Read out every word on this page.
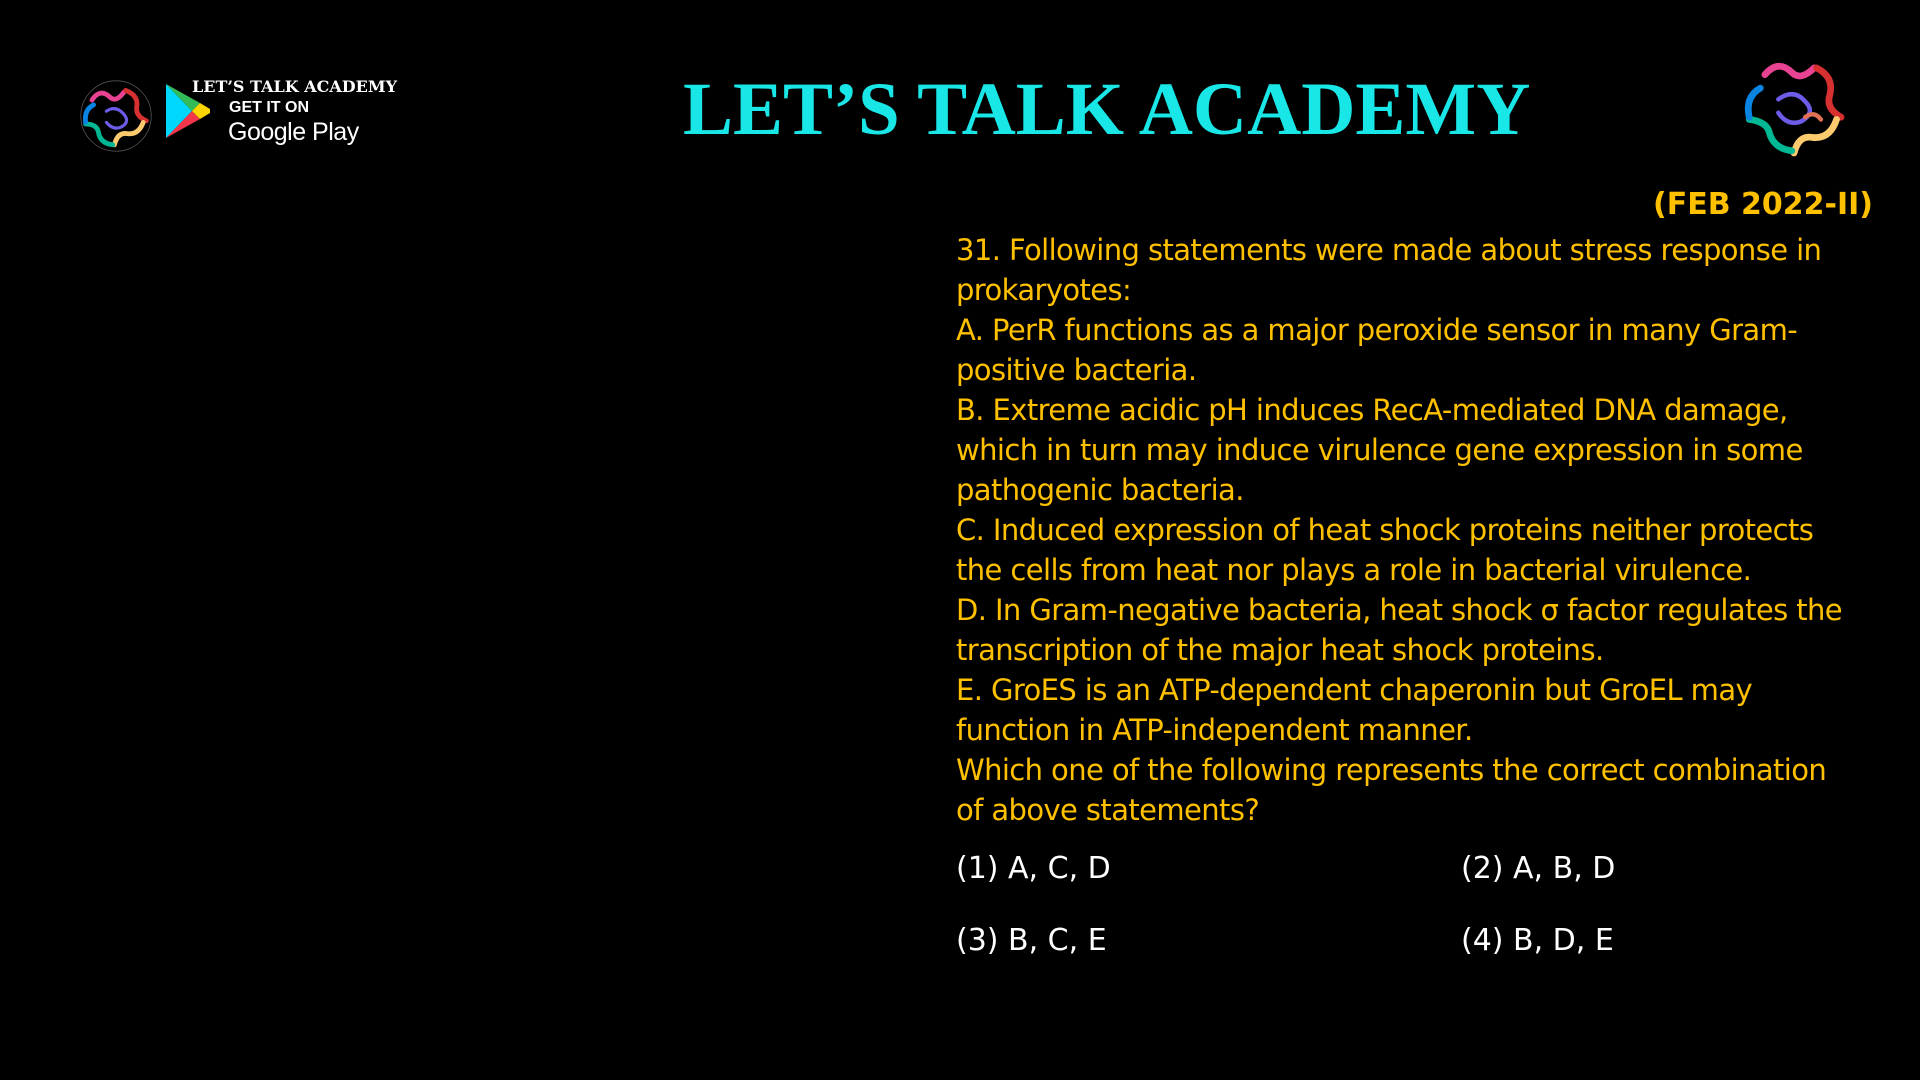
LET’S TALK ACADEMY
GET IT ON
Google Play	LET’S TALK ACADEMY
(FEB 2022-II)
31. Following statements were made about stress response in
prokaryotes:
A. PerR functions as a major peroxide sensor in many Gram-
positive bacteria.
B. Extreme acidic pH induces RecA-mediated DNA damage,
which in turn may induce virulence gene expression in some
pathogenic bacteria.
C. Induced expression of heat shock proteins neither protects
the cells from heat nor plays a role in bacterial virulence.
D. In Gram-negative bacteria, heat shock σ factor regulates the
transcription of the major heat shock proteins.
E. GroES is an ATP-dependent chaperonin but GroEL may
function in ATP-independent manner.
Which one of the following represents the correct combination
of above statements?
(1) A, C, D	(2) A, B, D
(3) B, C, E	(4) B, D, E
